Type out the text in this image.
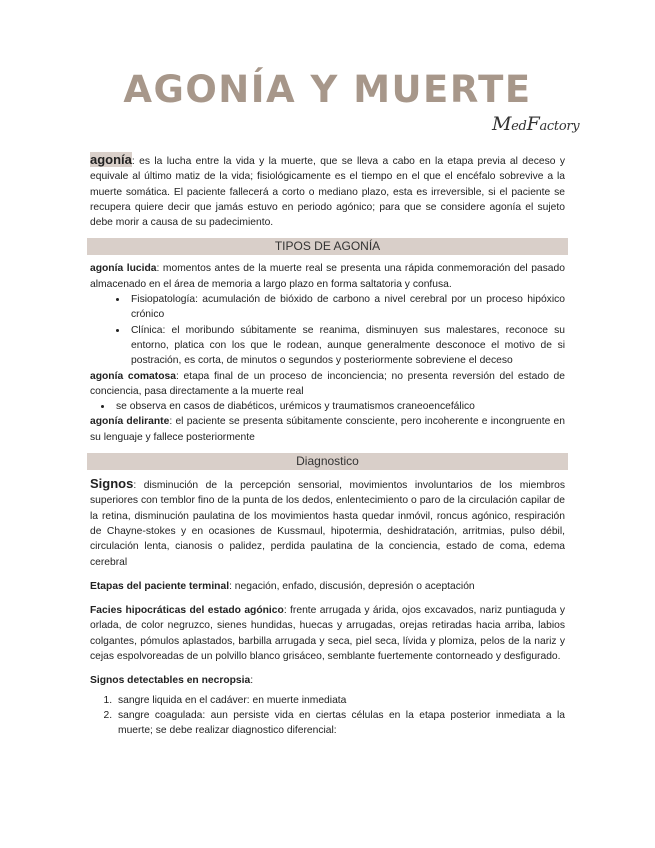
AGONÍA Y MUERTE
MedFactory

agonía: es la lucha entre la vida y la muerte, que se lleva a cabo en la etapa previa al deceso y equivale al último matiz de la vida; fisiológicamente es el tiempo en el que el encéfalo sobrevive a la muerte somática. El paciente fallecerá a corto o mediano plazo, esta es irreversible, si el paciente se recupera quiere decir que jamás estuvo en periodo agónico; para que se considere agonía el sujeto debe morir a causa de su padecimiento.

TIPOS DE AGONÍA

agonía lucida: momentos antes de la muerte real se presenta una rápida conmemoración del pasado almacenado en el área de memoria a largo plazo en forma saltatoria y confusa.

• Fisiopatología: acumulación de bióxido de carbono a nivel cerebral por un proceso hipóxico crónico
• Clínica: el moribundo súbitamente se reanima, disminuyen sus malestares, reconoce su entorno, platica con los que le rodean, aunque generalmente desconoce el motivo de si postración, es corta, de minutos o segundos y posteriormente sobreviene el deceso

agonía comatosa: etapa final de un proceso de inconciencia; no presenta reversión del estado de conciencia, pasa directamente a la muerte real

• se observa en casos de diabéticos, urémicos y traumatismos craneoencefálico

agonía delirante: el paciente se presenta súbitamente consciente, pero incoherente e incongruente en su lenguaje y fallece posteriormente

Diagnostico

Signos: disminución de la percepción sensorial, movimientos involuntarios de los miembros superiores con temblor fino de la punta de los dedos, enlentecimiento o paro de la circulación capilar de la retina, disminución paulatina de los movimientos hasta quedar inmóvil, roncus agónico, respiración de Chayne-stokes y en ocasiones de Kussmaul, hipotermia, deshidratación, arritmias, pulso débil, circulación lenta, cianosis o palidez, perdida paulatina de la conciencia, estado de coma, edema cerebral

Etapas del paciente terminal: negación, enfado, discusión, depresión o aceptación

Facies hipocráticas del estado agónico: frente arrugada y árida, ojos excavados, nariz puntiaguda y orlada, de color negruzco, sienes hundidas, huecas y arrugadas, orejas retiradas hacia arriba, labios colgantes, pómulos aplastados, barbilla arrugada y seca, piel seca, lívida y plomiza, pelos de la nariz y cejas espolvoreadas de un polvillo blanco grisáceo, semblante fuertemente contorneado y desfigurado.

Signos detectables en necropsia:

1. sangre liquida en el cadáver: en muerte inmediata
2. sangre coagulada: aun persiste vida en ciertas células en la etapa posterior inmediata a la muerte; se debe realizar diagnostico diferencial:
